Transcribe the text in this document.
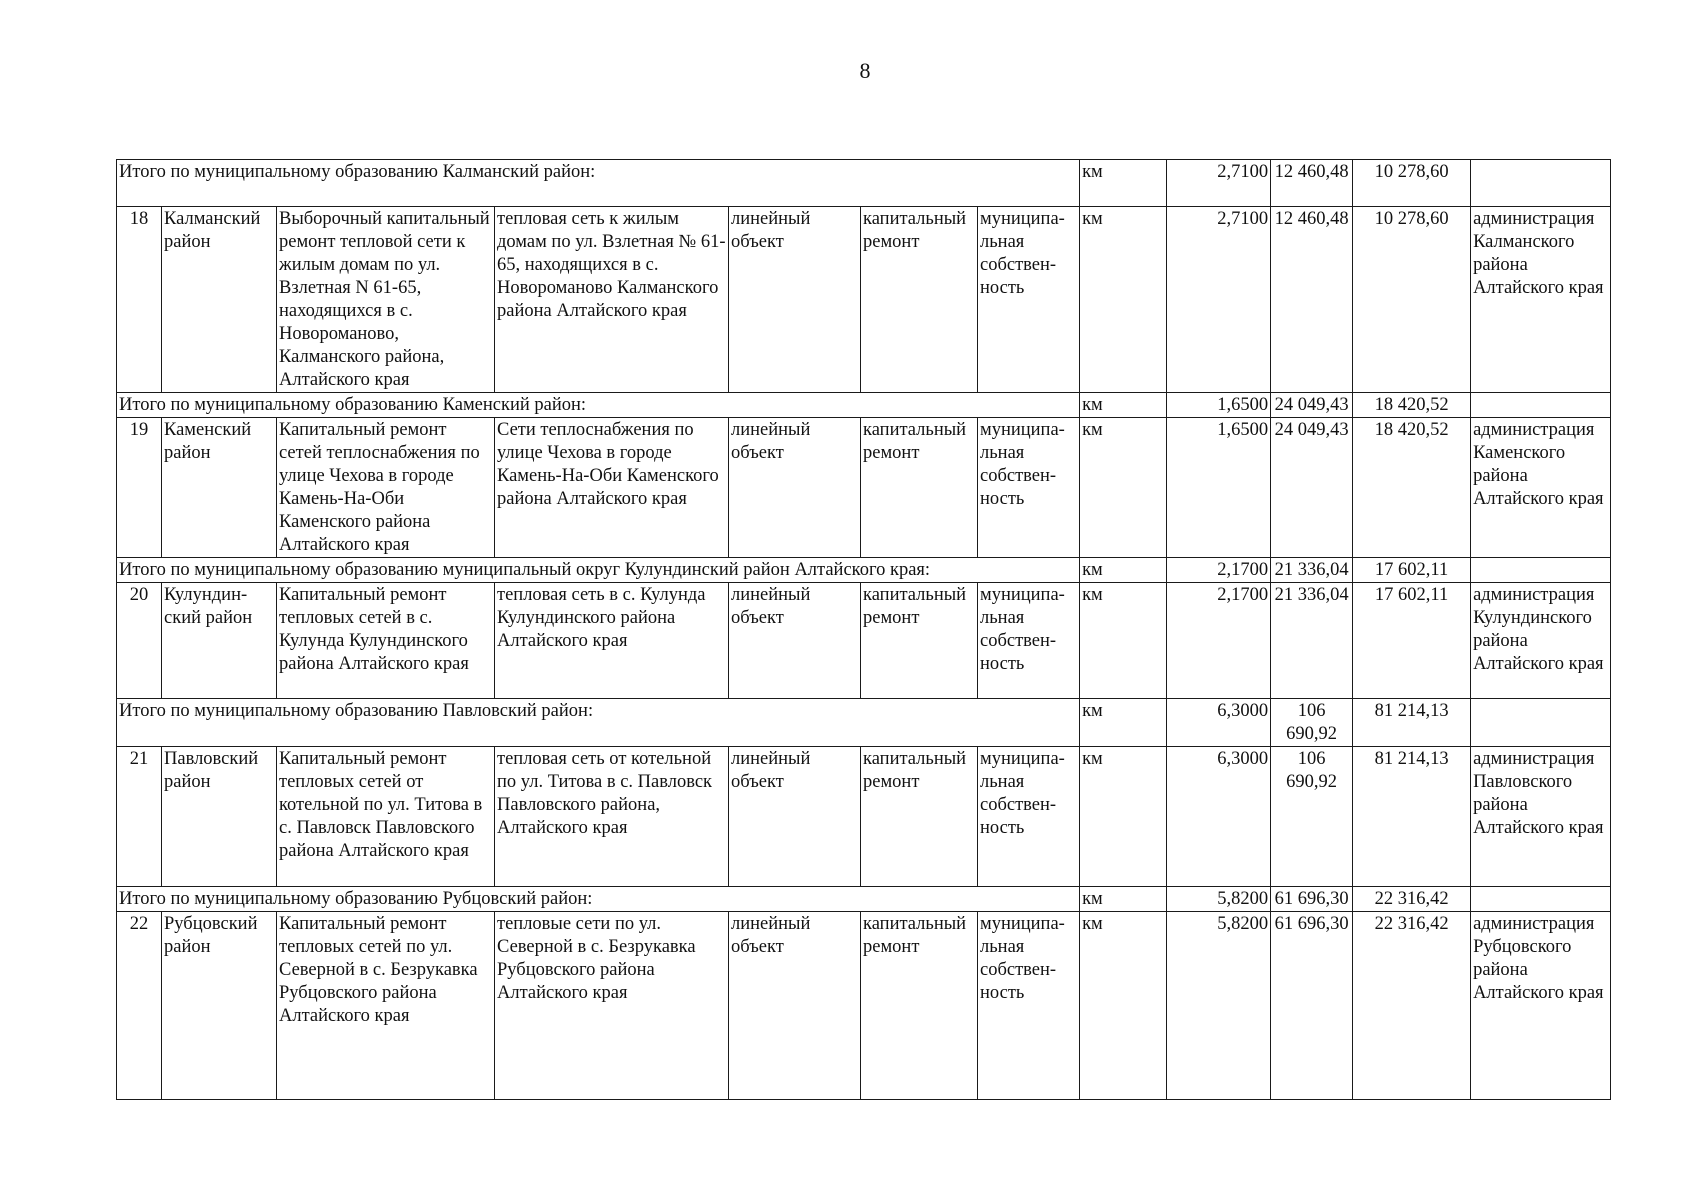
8
Итого по муниципальному образованию Калманский район:							км	2,7100	12 460,48	10 278,60	
18	Калманский район	Выборочный капитальный ремонт тепловой сети к жилым домам по ул. Взлетная N 61-65, находящихся в с. Новороманово, Калманского района, Алтайского края	тепловая сеть к жилым домам по ул. Взлетная № 61-65, находящихся в с. Новороманово Калманского района Алтайского края	линейный объект	капитальный ремонт	муниципа- льная собствен- ность	км	2,7100	12 460,48	10 278,60	администрация Калманского района Алтайского края
Итого по муниципальному образованию Каменский район:							км	1,6500	24 049,43	18 420,52	
19	Каменский район	Капитальный ремонт сетей теплоснабжения по улице Чехова в городе Камень-На-Оби Каменского района Алтайского края	Сети теплоснабжения по улице Чехова в городе Камень-На-Оби Каменского района Алтайского края	линейный объект	капитальный ремонт	муниципа- льная собствен- ность	км	1,6500	24 049,43	18 420,52	администрация Каменского района Алтайского края
Итого по муниципальному образованию муниципальный округ Кулундинский район Алтайского края:							км	2,1700	21 336,04	17 602,11	
20	Кулундин- ский район	Капитальный ремонт тепловых сетей в с. Кулунда Кулундинского района Алтайского края	тепловая сеть в с. Кулунда Кулундинского района Алтайского края	линейный объект	капитальный ремонт	муниципа- льная собствен- ность	км	2,1700	21 336,04	17 602,11	администрация Кулундинского района Алтайского края
Итого по муниципальному образованию Павловский район:							км	6,3000	106 690,92	81 214,13	
21	Павловский район	Капитальный ремонт тепловых сетей от котельной по ул. Титова в с. Павловск Павловского района Алтайского края	тепловая сеть от котельной по ул. Титова в с. Павловск Павловского района, Алтайского края	линейный объект	капитальный ремонт	муниципа- льная собствен- ность	км	6,3000	106 690,92	81 214,13	администрация Павловского района Алтайского края
Итого по муниципальному образованию Рубцовский район:							км	5,8200	61 696,30	22 316,42	
22	Рубцовский район	Капитальный ремонт тепловых сетей по ул. Северной в с. Безрукавка Рубцовского района Алтайского края	тепловые сети по ул. Северной в с. Безрукавка Рубцовского района Алтайского края	линейный объект	капитальный ремонт	муниципа- льная собствен- ность	км	5,8200	61 696,30	22 316,42	администрация Рубцовского района Алтайского края
